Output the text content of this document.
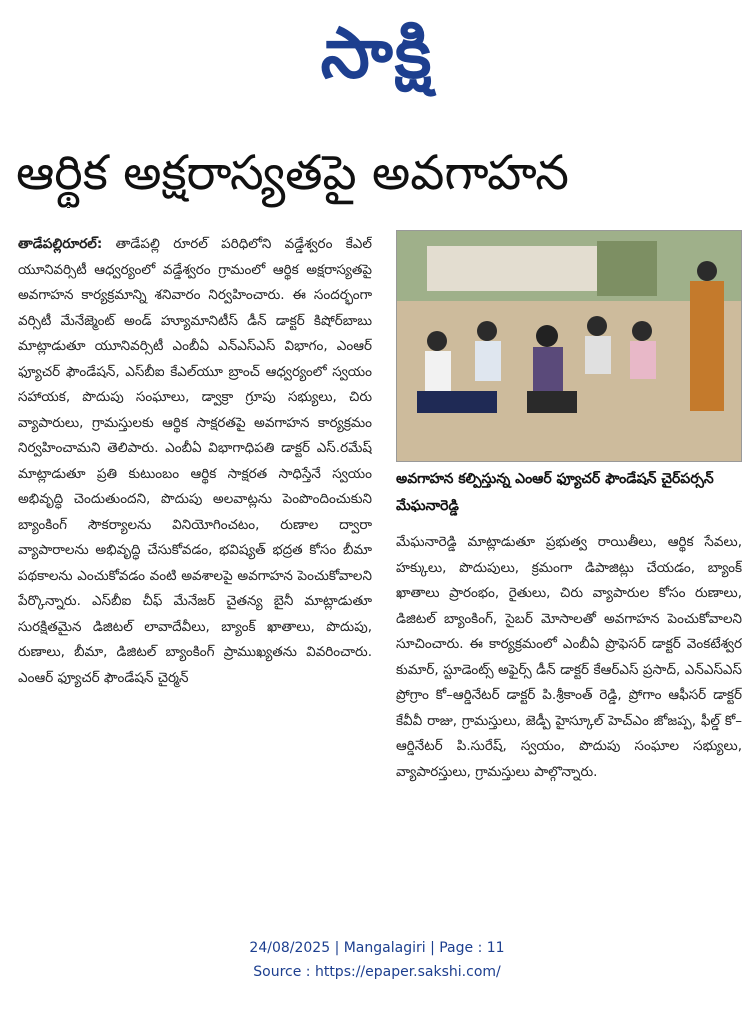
సాక్షి
ఆర్థిక అక్షరాస్యతపై అవగాహన
తాడేపల్లిరూరల్: తాడేపల్లి రూరల్ పరిధిలోని వడ్డేశ్వరం కేఎల్ యూనివర్సిటీ ఆధ్వర్యంలో వడ్డేశ్వరం గ్రామంలో ఆర్థిక అక్షరాస్యతపై అవగాహన కార్యక్రమాన్ని శనివారం నిర్వహించారు. ఈ సందర్భంగా వర్సిటీ మేనేజ్మెంట్ అండ్ హ్యూమానిటీస్ డీన్ డాక్టర్ కిషోర్‌బాబు మాట్లాడుతూ యూనివర్సిటీ ఎంబీఏ ఎన్ఎస్ఎస్ విభాగం, ఎంఆర్ ఫ్యూచర్ ఫౌండేషన్, ఎస్‌బీఐ కేఎల్‌యూ బ్రాంచ్ ఆధ్వర్యంలో స్వయం సహాయక, పొదుపు సంఘాలు, డ్వాక్రా గ్రూపు సభ్యులు, చిరు వ్యాపారులు, గ్రామస్తులకు ఆర్థిక సాక్షరతపై అవగాహన కార్యక్రమం నిర్వహించామని తెలిపారు. ఎంబీఏ విభాగాధిపతి డాక్టర్ ఎస్.రమేష్ మాట్లాడుతూ ప్రతి కుటుంబం ఆర్థిక సాక్షరత సాధిస్తేనే స్వయం అభివృద్ధి చెందుతుందని, పొదుపు అలవాట్లను పెంపొందించుకుని బ్యాంకింగ్ సౌకర్యాలను వినియోగించటం, రుణాల ద్వారా వ్యాపారాలను అభివృద్ధి చేసుకోవడం, భవిష్యత్ భద్రత కోసం బీమా పథకాలను ఎంచుకోవడం వంటి అవశాలపై అవగాహన పెంచుకోవాలని పేర్కొన్నారు. ఎస్‌బీఐ చీఫ్ మేనేజర్ చైతన్య బైనీ మాట్లాడుతూ సురక్షితమైన డిజిటల్ లావాదేవీలు, బ్యాంక్ ఖాతాలు, పొదుపు, రుణాలు, బీమా, డిజిటల్ బ్యాంకింగ్ ప్రాముఖ్యతను వివరించారు. ఎంఆర్ ఫ్యూచర్ ఫౌండేషన్ చైర్మన్
అవగాహన కల్పిస్తున్న ఎంఆర్ ఫ్యూచర్ ఫౌండేషన్ చైర్‌పర్సన్ మేఘనారెడ్డి
మేఘనారెడ్డి మాట్లాడుతూ ప్రభుత్వ రాయితీలు, ఆర్థిక సేవలు, హక్కులు, పొదుపులు, క్రమంగా డిపాజిట్లు చేయడం, బ్యాంక్ ఖాతాలు ప్రారంభం, రైతులు, చిరు వ్యాపారుల కోసం రుణాలు, డిజిటల్ బ్యాంకింగ్, సైబర్ మోసాలతో అవగాహన పెంచుకోవాలని సూచించారు. ఈ కార్యక్రమంలో ఎంబీఏ ప్రొఫెసర్ డాక్టర్ వెంకటేశ్వర కుమార్, స్టూడెంట్స్ అఫైర్స్ డీన్ డాక్టర్ కేఆర్ఎస్ ప్రసాద్, ఎన్ఎస్ఎస్ ప్రోగ్రాం కో–ఆర్డినేటర్ డాక్టర్ పి.శ్రీకాంత్ రెడ్డి, ప్రోగాం ఆఫీసర్ డాక్టర్ కేవీవీ రాజు, గ్రామస్తులు, జెడ్పీ హైస్కూల్ హెచ్ఎం జోజప్ప, ఫీల్డ్ కో–ఆర్డినేటర్ పి.సురేష్, స్వయం, పొదుపు సంఘాల సభ్యులు, వ్యాపారస్తులు, గ్రామస్తులు పాల్గొన్నారు.
24/08/2025 | Mangalagiri | Page : 11
Source : https://epaper.sakshi.com/
